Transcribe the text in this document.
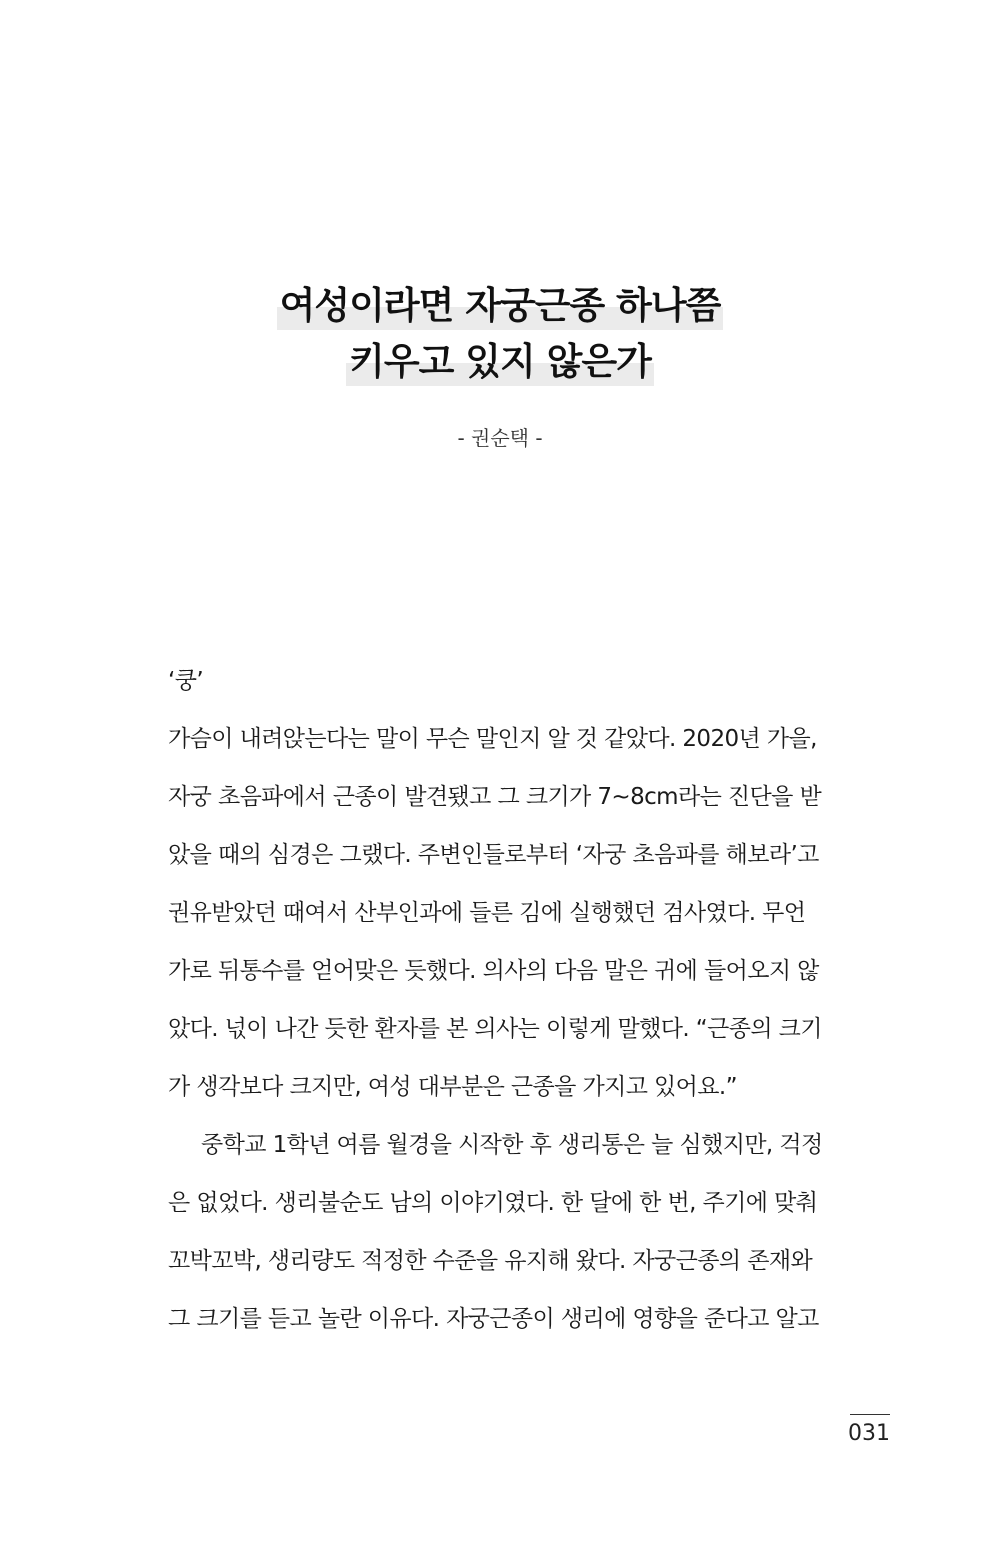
여성이라면 자궁근종 하나쯤
키우고 있지 않은가
- 권순택 -
‘쿵’
가슴이 내려앉는다는 말이 무슨 말인지 알 것 같았다. 2020년 가을,
자궁 초음파에서 근종이 발견됐고 그 크기가 7~8cm라는 진단을 받
았을 때의 심경은 그랬다. 주변인들로부터 ‘자궁 초음파를 해보라’고
권유받았던 때여서 산부인과에 들른 김에 실행했던 검사였다. 무언
가로 뒤통수를 얻어맞은 듯했다. 의사의 다음 말은 귀에 들어오지 않
았다. 넋이 나간 듯한 환자를 본 의사는 이렇게 말했다. “근종의 크기
가 생각보다 크지만, 여성 대부분은 근종을 가지고 있어요.”
중학교 1학년 여름 월경을 시작한 후 생리통은 늘 심했지만, 걱정
은 없었다. 생리불순도 남의 이야기였다. 한 달에 한 번, 주기에 맞춰
꼬박꼬박, 생리량도 적정한 수준을 유지해 왔다. 자궁근종의 존재와
그 크기를 듣고 놀란 이유다. 자궁근종이 생리에 영향을 준다고 알고
031
